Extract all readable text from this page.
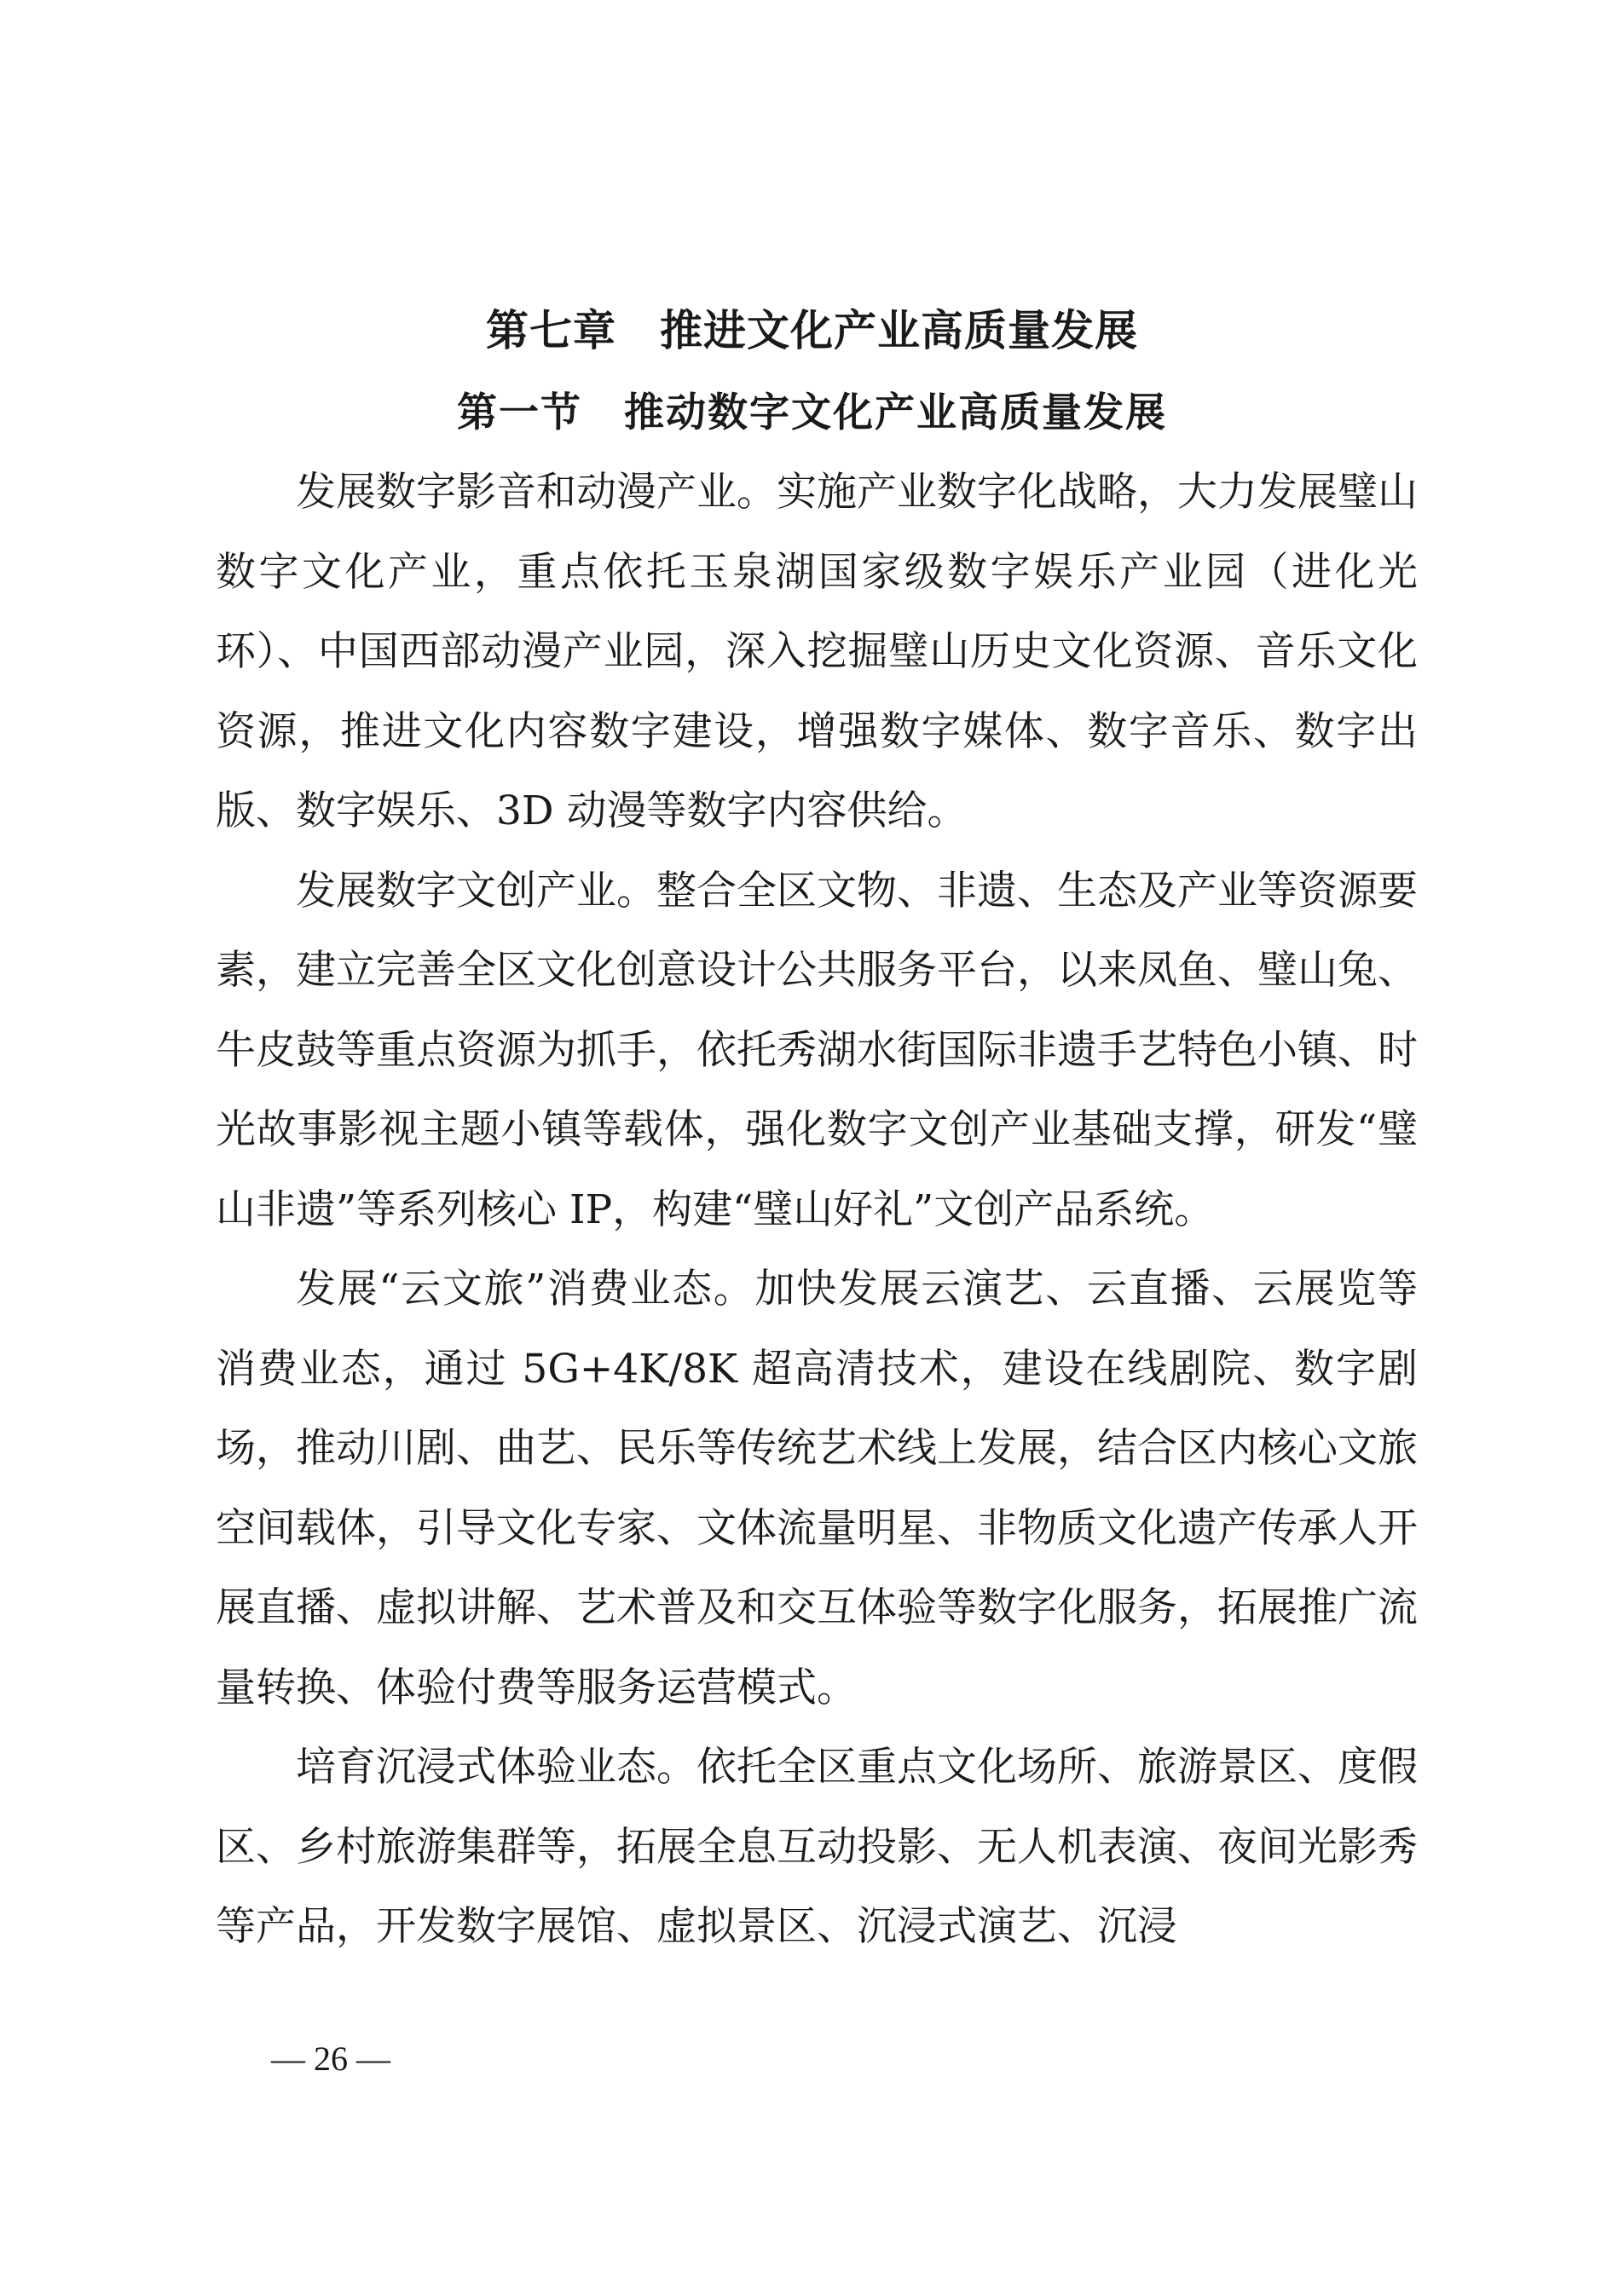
第七章　推进文化产业高质量发展
第一节　推动数字文化产业高质量发展

发展数字影音和动漫产业。实施产业数字化战略，大力发展璧山数字文化产业，重点依托玉泉湖国家级数字娱乐产业园（进化光环）、中国西部动漫产业园，深入挖掘璧山历史文化资源、音乐文化资源，推进文化内容数字建设，增强数字媒体、数字音乐、数字出版、数字娱乐、3D 动漫等数字内容供给。

发展数字文创产业。整合全区文物、非遗、生态及产业等资源要素，建立完善全区文化创意设计公共服务平台，以来凤鱼、璧山兔、牛皮鼓等重点资源为抓手，依托秀湖水街国际非遗手艺特色小镇、时光故事影视主题小镇等载体，强化数字文创产业基础支撑，研发“璧山非遗”等系列核心 IP，构建“璧山好礼”文创产品系统。

发展“云文旅”消费业态。加快发展云演艺、云直播、云展览等消费业态，通过 5G+4K/8K 超高清技术，建设在线剧院、数字剧场，推动川剧、曲艺、民乐等传统艺术线上发展，结合区内核心文旅空间载体，引导文化专家、文体流量明星、非物质文化遗产传承人开展直播、虚拟讲解、艺术普及和交互体验等数字化服务，拓展推广流量转换、体验付费等服务运营模式。

培育沉浸式体验业态。依托全区重点文化场所、旅游景区、度假区、乡村旅游集群等，拓展全息互动投影、无人机表演、夜间光影秀等产品，开发数字展馆、虚拟景区、沉浸式演艺、沉浸

— 26 —
